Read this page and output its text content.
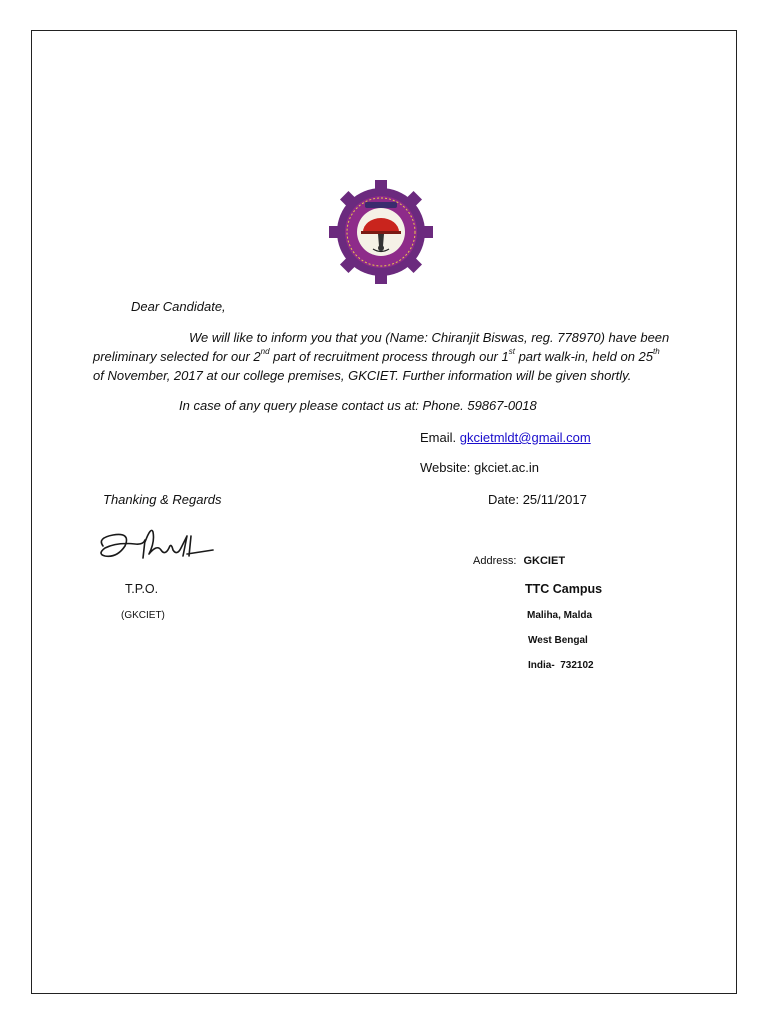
Dear Candidate,
We will like to inform you that you (Name: Chiranjit Biswas, reg. 778970) have been
preliminary selected for our 2nd part of recruitment process through our 1st part walk-in, held on 25th
of November, 2017 at our college premises, GKCIET. Further information will be given shortly.
In case of any query please contact us at: Phone. 59867-0018
Email. gkcietmldt@gmail.com
Website: gkciet.ac.in
Thanking & Regards	Date: 25/11/2017
Address: GKCIET
T.P.O.	TTC Campus
(GKCIET)	Maliha, Malda
West Bengal
India-  732102
